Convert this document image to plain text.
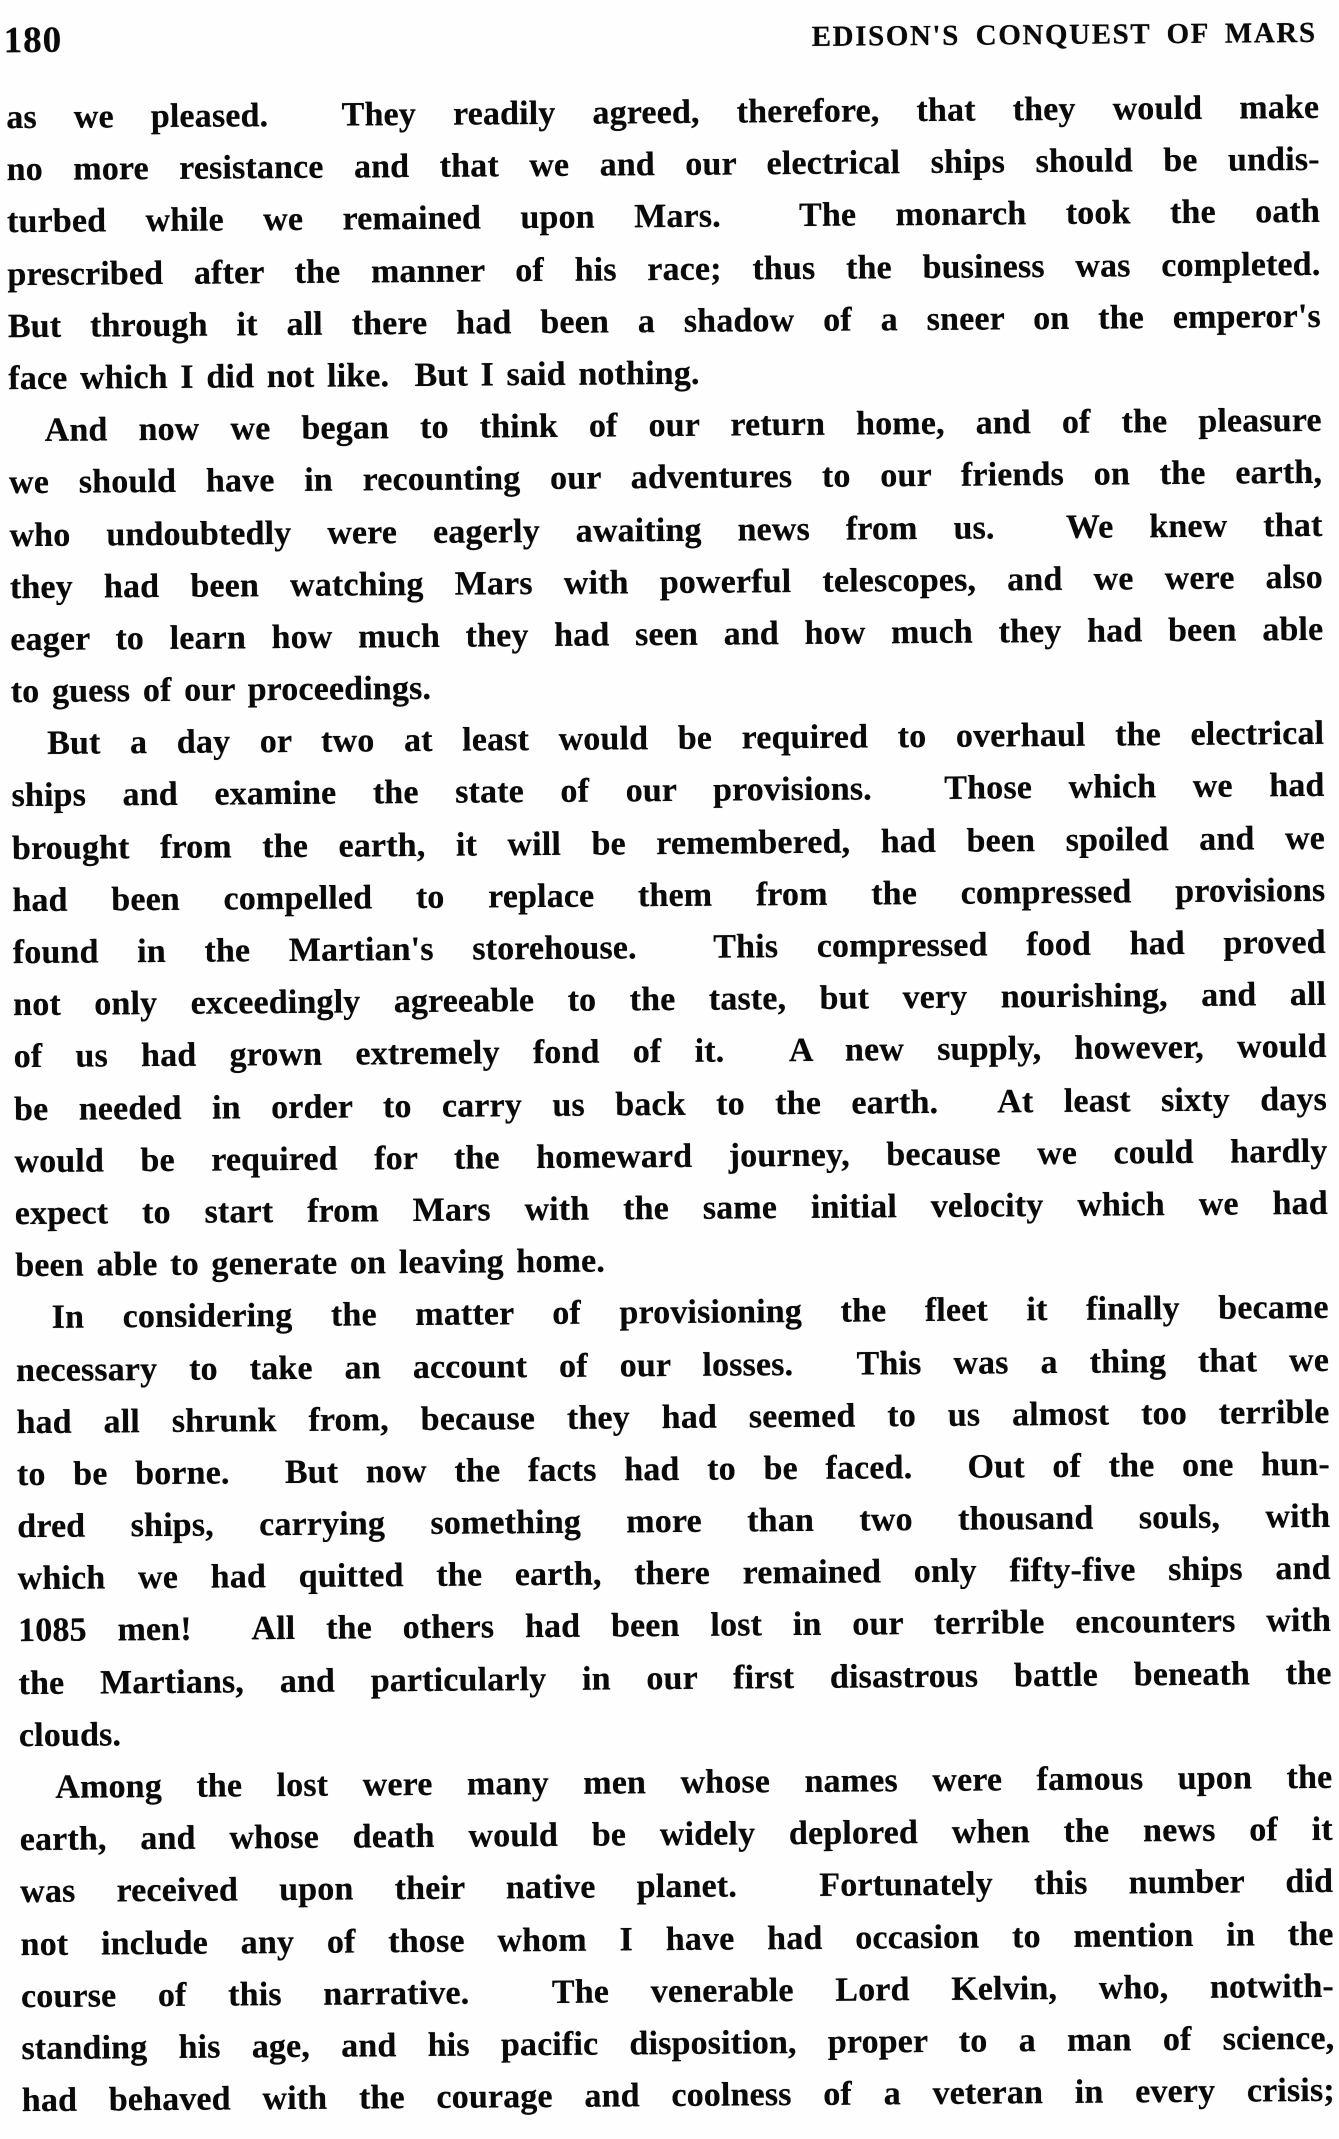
180	EDISON'S CONQUEST OF MARS
as we pleased.  They readily agreed, therefore, that they would make
no more resistance and that we and our electrical ships should be undis-
turbed while we remained upon Mars.  The monarch took the oath
prescribed after the manner of his race; thus the business was completed.
But through it all there had been a shadow of a sneer on the emperor's
face which I did not like.  But I said nothing.
And now we began to think of our return home, and of the pleasure
we should have in recounting our adventures to our friends on the earth,
who undoubtedly were eagerly awaiting news from us.  We knew that
they had been watching Mars with powerful telescopes, and we were also
eager to learn how much they had seen and how much they had been able
to guess of our proceedings.
But a day or two at least would be required to overhaul the electrical
ships and examine the state of our provisions.  Those which we had
brought from the earth, it will be remembered, had been spoiled and we
had been compelled to replace them from the compressed provisions
found in the Martian's storehouse.  This compressed food had proved
not only exceedingly agreeable to the taste, but very nourishing, and all
of us had grown extremely fond of it.  A new supply, however, would
be needed in order to carry us back to the earth.  At least sixty days
would be required for the homeward journey, because we could hardly
expect to start from Mars with the same initial velocity which we had
been able to generate on leaving home.
In considering the matter of provisioning the fleet it finally became
necessary to take an account of our losses.  This was a thing that we
had all shrunk from, because they had seemed to us almost too terrible
to be borne.  But now the facts had to be faced.  Out of the one hun-
dred ships, carrying something more than two thousand souls, with
which we had quitted the earth, there remained only fifty-five ships and
1085 men!  All the others had been lost in our terrible encounters with
the Martians, and particularly in our first disastrous battle beneath the
clouds.
Among the lost were many men whose names were famous upon the
earth, and whose death would be widely deplored when the news of it
was received upon their native planet.  Fortunately this number did
not include any of those whom I have had occasion to mention in the
course of this narrative.  The venerable Lord Kelvin, who, notwith-
standing his age, and his pacific disposition, proper to a man of science,
had behaved with the courage and coolness of a veteran in every crisis;
